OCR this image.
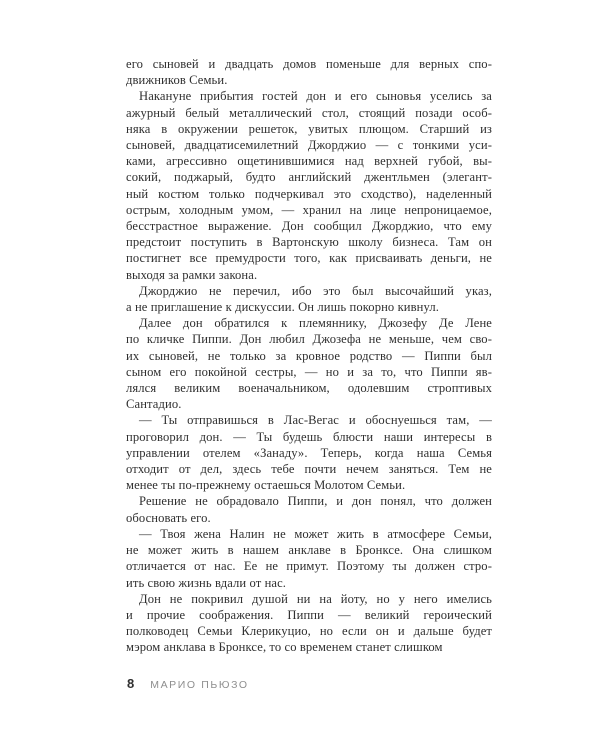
его сыновей и двадцать домов поменьше для верных спо-
движников Семьи.

Накануне прибытия гостей дон и его сыновья уселись за
ажурный белый металлический стол, стоящий позади особ-
няка в окружении решеток, увитых плющом. Старший из
сыновей, двадцатисемилетний Джорджио — с тонкими уси-
ками, агрессивно ощетинившимися над верхней губой, вы-
сокий, поджарый, будто английский джентльмен (элегант-
ный костюм только подчеркивал это сходство), наделенный
острым, холодным умом, — хранил на лице непроницаемое,
бесстрастное выражение. Дон сообщил Джорджио, что ему
предстоит поступить в Вартонскую школу бизнеса. Там он
постигнет все премудрости того, как присваивать деньги, не
выходя за рамки закона.

Джорджио не перечил, ибо это был высочайший указ,
а не приглашение к дискуссии. Он лишь покорно кивнул.

Далее дон обратился к племяннику, Джозефу Де Лене
по кличке Пиппи. Дон любил Джозефа не меньше, чем сво-
их сыновей, не только за кровное родство — Пиппи был
сыном его покойной сестры, — но и за то, что Пиппи яв-
лялся великим военачальником, одолевшим строптивых
Сантадио.

— Ты отправишься в Лас-Вегас и обоснуешься там, —
проговорил дон. — Ты будешь блюсти наши интересы в
управлении отелем «Занаду». Теперь, когда наша Семья
отходит от дел, здесь тебе почти нечем заняться. Тем не
менее ты по-прежнему остаешься Молотом Семьи.

Решение не обрадовало Пиппи, и дон понял, что должен
обосновать его.

— Твоя жена Налин не может жить в атмосфере Семьи,
не может жить в нашем анклаве в Бронксе. Она слишком
отличается от нас. Ее не примут. Поэтому ты должен стро-
ить свою жизнь вдали от нас.

Дон не покривил душой ни на йоту, но у него имелись
и прочие соображения. Пиппи — великий героический
полководец Семьи Клерикуцио, но если он и дальше будет
мэром анклава в Бронксе, то со временем станет слишком

8 МАРИО ПЬЮЗО
